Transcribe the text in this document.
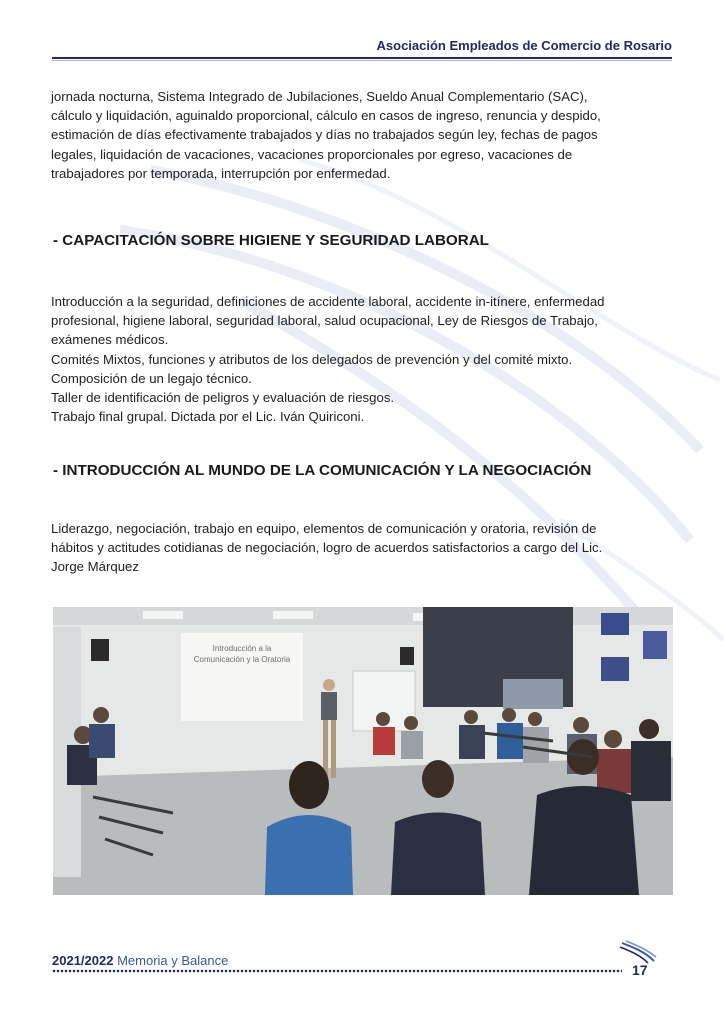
Asociación Empleados de Comercio de Rosario

jornada nocturna, Sistema Integrado de Jubilaciones, Sueldo Anual Complementario (SAC),
cálculo y liquidación, aguinaldo proporcional, cálculo en casos de ingreso, renuncia y despido,
estimación de días efectivamente trabajados y días no trabajados según ley, fechas de pagos
legales, liquidación de vacaciones, vacaciones proporcionales por egreso, vacaciones de
trabajadores por temporada, interrupción por enfermedad.

- CAPACITACIÓN SOBRE HIGIENE Y SEGURIDAD LABORAL

Introducción a la seguridad, definiciones de accidente laboral, accidente in-itínere, enfermedad
profesional, higiene laboral, seguridad laboral, salud ocupacional, Ley de Riesgos de Trabajo,
exámenes médicos.
Comités Mixtos, funciones y atributos de los delegados de prevención y del comité mixto.
Composición de un legajo técnico.
Taller de identificación de peligros y evaluación de riesgos.
Trabajo final grupal. Dictada por el Lic. Iván Quiriconi.

- INTRODUCCIÓN AL MUNDO DE LA COMUNICACIÓN Y LA NEGOCIACIÓN

Liderazgo, negociación, trabajo en equipo, elementos de comunicación y oratoria, revisión de
hábitos y actitudes cotidianas de negociación, logro de acuerdos satisfactorios a cargo del Lic.
Jorge Márquez

Introducción a la
Comunicación y la Oratoria
2021/2022 Memoria y Balance
17
